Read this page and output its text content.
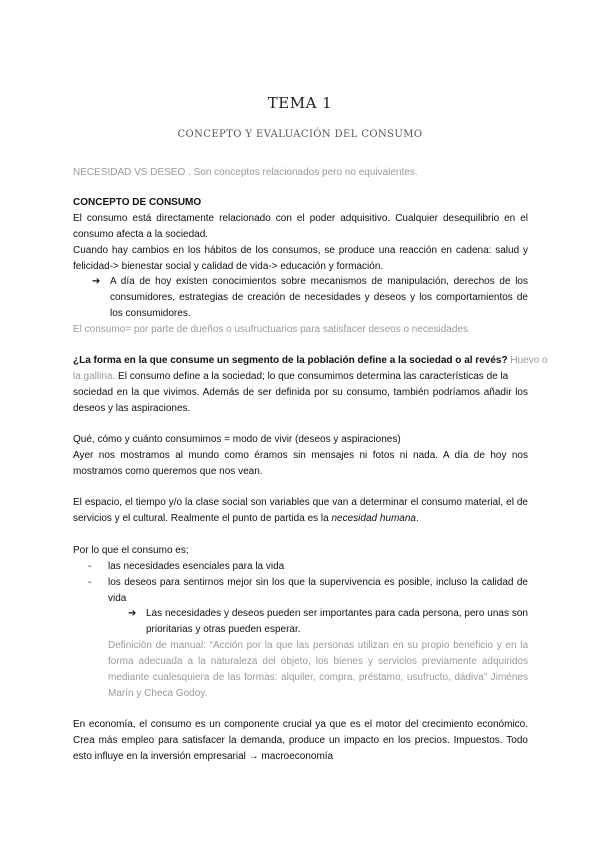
TEMA 1
CONCEPTO Y EVALUACIÓN DEL CONSUMO
NECESIDAD VS DESEO . Son conceptos relacionados pero no equivalentes.
CONCEPTO DE CONSUMO
El consumo está directamente relacionado con el poder adquisitivo. Cualquier desequilibrio en el
consumo afecta a la sociedad.
Cuando hay cambios en los hábitos de los consumos, se produce una reacción en cadena: salud y
felicidad-> bienestar social y calidad de vida-> educación y formación.
➔ A día de hoy existen conocimientos sobre mecanismos de manipulación, derechos de los
consumidores, estrategias de creación de necesidades y deseos y los comportamientos de
los consumidores.
El consumo= por parte de dueños o usufructuarios para satisfacer deseos o necesidades
¿La forma en la que consume un segmento de la población define a la sociedad o al revés? Huevo o
la gallina. El consumo define a la sociedad; lo que consumimos determina las características de la
sociedad en la que vivimos. Además de ser definida por su consumo, también podríamos añadir los
deseos y las aspiraciones.
Qué, cómo y cuánto consumimos = modo de vivir (deseos y aspiraciones)
Ayer nos mostramos al mundo como éramos sin mensajes ni fotos ni nada. A día de hoy nos
mostramos como queremos que nos vean.
El espacio, el tiempo y/o la clase social son variables que van a determinar el consumo material, el de
servicios y el cultural. Realmente el punto de partida es la necesidad humana.
Por lo que el consumo es;
- las necesidades esenciales para la vida
- los deseos para sentirnos mejor sin los que la supervivencia es posible, incluso la calidad de
vida
➔ Las necesidades y deseos pueden ser importantes para cada persona, pero unas son
prioritarias y otras pueden esperar.
Definición de manual: “Acción por la que las personas utilizan en su propio beneficio y en la
forma adecuada a la naturaleza del objeto, los bienes y servicios previamente adquiridos
mediante cualesquiera de las formas: alquiler, compra, préstamo, usufructo, dádiva” Jiménes
Marín y Checa Godoy.
En economía, el consumo es un componente crucial ya que es el motor del crecimiento económico.
Crea más empleo para satisfacer la demanda, produce un impacto en los precios. Impuestos. Todo
esto influye en la inversión empresarial → macroeconomía
